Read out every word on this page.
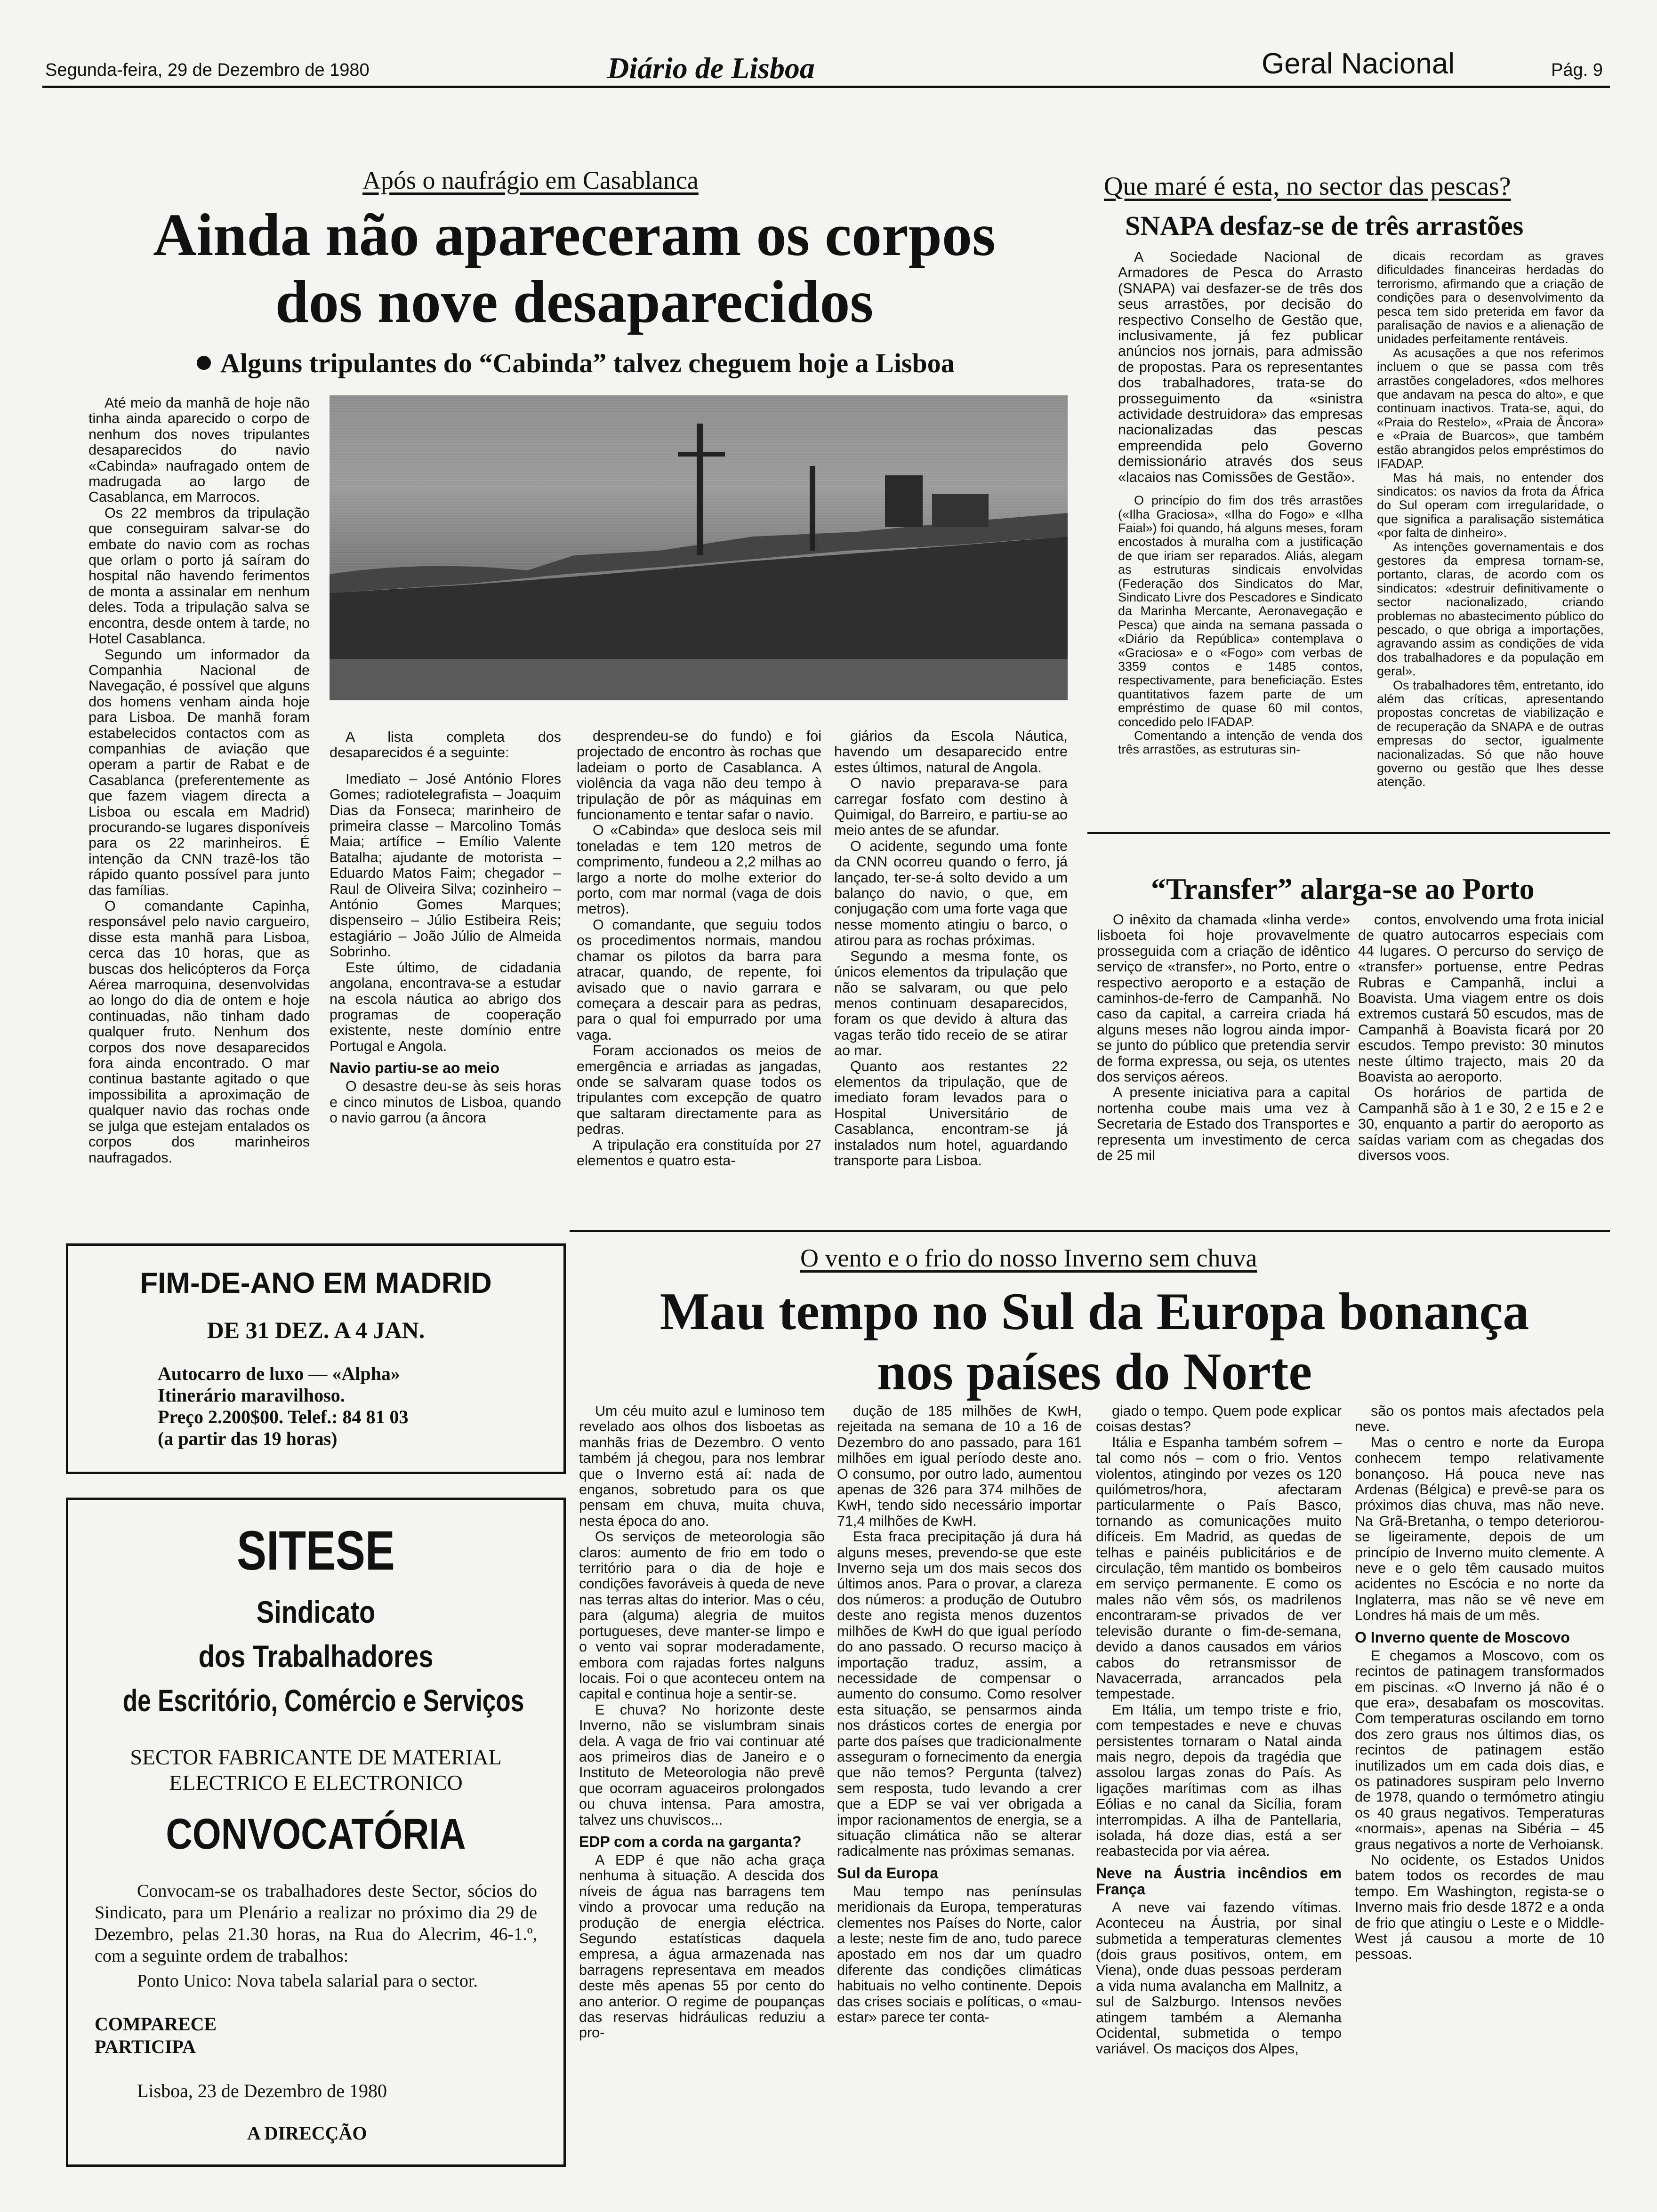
Segunda-feira, 29 de Dezembro de 1980	Diário de Lisboa	Geral Nacional	Pág. 9
Após o naufrágio em Casablanca
Ainda não apareceram os corpos
dos nove desaparecidos
Alguns tripulantes do “Cabinda” talvez cheguem hoje a Lisboa

Até meio da manhã de hoje não tinha ainda aparecido o corpo de nenhum dos noves tripulantes desaparecidos do navio «Cabinda» naufragado ontem de madrugada ao largo de Casablanca, em Marrocos.

Os 22 membros da tripulação que conseguiram salvar-se do embate do navio com as rochas que orlam o porto já saíram do hospital não havendo ferimentos de monta a assinalar em nenhum deles. Toda a tripulação salva se encontra, desde ontem à tarde, no Hotel Casablanca.

Segundo um informador da Companhia Nacional de Navegação, é possível que alguns dos homens venham ainda hoje para Lisboa. De manhã foram estabelecidos contactos com as companhias de aviação que operam a partir de Rabat e de Casablanca (preferentemente as que fazem viagem directa a Lisboa ou escala em Madrid) procurando-se lugares disponíveis para os 22 marinheiros. É intenção da CNN trazê-los tão rápido quanto possível para junto das famílias.

O comandante Capinha, responsável pelo navio cargueiro, disse esta manhã para Lisboa, cerca das 10 horas, que as buscas dos helicópteros da Força Aérea marroquina, desenvolvidas ao longo do dia de ontem e hoje continuadas, não tinham dado qualquer fruto. Nenhum dos corpos dos nove desaparecidos fora ainda encontrado. O mar continua bastante agitado o que impossibilita a aproximação de qualquer navio das rochas onde se julga que estejam entalados os corpos dos marinheiros naufragados.

A lista completa dos desaparecidos é a seguinte:

Imediato – José António Flores Gomes; radiotelegrafista – Joaquim Dias da Fonseca; marinheiro de primeira classe – Marcolino Tomás Maia; artífice – Emílio Valente Batalha; ajudante de motorista – Eduardo Matos Faim; chegador – Raul de Oliveira Silva; cozinheiro – António Gomes Marques; dispenseiro – Júlio Estibeira Reis; estagiário – João Júlio de Almeida Sobrinho.

Este último, de cidadania angolana, encontrava-se a estudar na escola náutica ao abrigo dos programas de cooperação existente, neste domínio entre Portugal e Angola.

Navio partiu-se ao meio

O desastre deu-se às seis horas e cinco minutos de Lisboa, quando o navio garrou (a âncora

desprendeu-se do fundo) e foi projectado de encontro às rochas que ladeiam o porto de Casablanca. A violência da vaga não deu tempo à tripulação de pôr as máquinas em funcionamento e tentar safar o navio.

O «Cabinda» que desloca seis mil toneladas e tem 120 metros de comprimento, fundeou a 2,2 milhas ao largo a norte do molhe exterior do porto, com mar normal (vaga de dois metros).

O comandante, que seguiu todos os procedimentos normais, mandou chamar os pilotos da barra para atracar, quando, de repente, foi avisado que o navio garrara e começara a descair para as pedras, para o qual foi empurrado por uma vaga.

Foram accionados os meios de emergência e arriadas as jangadas, onde se salvaram quase todos os tripulantes com excepção de quatro que saltaram directamente para as pedras.

A tripulação era constituída por 27 elementos e quatro esta-

giários da Escola Náutica, havendo um desaparecido entre estes últimos, natural de Angola.

O navio preparava-se para carregar fosfato com destino à Quimigal, do Barreiro, e partiu-se ao meio antes de se afundar.

O acidente, segundo uma fonte da CNN ocorreu quando o ferro, já lançado, ter-se-á solto devido a um balanço do navio, o que, em conjugação com uma forte vaga que nesse momento atingiu o barco, o atirou para as rochas próximas.

Segundo a mesma fonte, os únicos elementos da tripulação que não se salvaram, ou que pelo menos continuam desaparecidos, foram os que devido à altura das vagas terão tido receio de se atirar ao mar.

Quanto aos restantes 22 elementos da tripulação, que de imediato foram levados para o Hospital Universitário de Casablanca, encontram-se já instalados num hotel, aguardando transporte para Lisboa.

Que maré é esta, no sector das pescas?
SNAPA desfaz-se de três arrastões

A Sociedade Nacional de Armadores de Pesca do Arrasto (SNAPA) vai desfazer-se de três dos seus arrastões, por decisão do respectivo Conselho de Gestão que, inclusivamente, já fez publicar anúncios nos jornais, para admissão de propostas. Para os representantes dos trabalhadores, trata-se do prosseguimento da «sinistra actividade destruidora» das empresas nacionalizadas das pescas empreendida pelo Governo demissionário através dos seus «lacaios nas Comissões de Gestão».

O princípio do fim dos três arrastões («Ilha Graciosa», «Ilha do Fogo» e «Ilha Faial») foi quando, há alguns meses, foram encostados à muralha com a justificação de que iriam ser reparados. Aliás, alegam as estruturas sindicais envolvidas (Federação dos Sindicatos do Mar, Sindicato Livre dos Pescadores e Sindicato da Marinha Mercante, Aeronavegação e Pesca) que ainda na semana passada o «Diário da República» contemplava o «Graciosa» e o «Fogo» com verbas de 3359 contos e 1485 contos, respectivamente, para beneficiação. Estes quantitativos fazem parte de um empréstimo de quase 60 mil contos, concedido pelo IFADAP.

Comentando a intenção de venda dos três arrastões, as estruturas sin-

dicais recordam as graves dificuldades financeiras herdadas do terrorismo, afirmando que a criação de condições para o desenvolvimento da pesca tem sido preterida em favor da paralisação de navios e a alienação de unidades perfeitamente rentáveis.

As acusações a que nos referimos incluem o que se passa com três arrastões congeladores, «dos melhores que andavam na pesca do alto», e que continuam inactivos. Trata-se, aqui, do «Praia do Restelo», «Praia de Âncora» e «Praia de Buarcos», que também estão abrangidos pelos empréstimos do IFADAP.

Mas há mais, no entender dos sindicatos: os navios da frota da África do Sul operam com irregularidade, o que significa a paralisação sistemática «por falta de dinheiro».

As intenções governamentais e dos gestores da empresa tornam-se, portanto, claras, de acordo com os sindicatos: «destruir definitivamente o sector nacionalizado, criando problemas no abastecimento público do pescado, o que obriga a importações, agravando assim as condições de vida dos trabalhadores e da população em geral».

Os trabalhadores têm, entretanto, ido além das críticas, apresentando propostas concretas de viabilização e de recuperação da SNAPA e de outras empresas do sector, igualmente nacionalizadas. Só que não houve governo ou gestão que lhes desse atenção.

“Transfer” alarga-se ao Porto

O inêxito da chamada «linha verde» lisboeta foi hoje provavelmente prosseguida com a criação de idêntico serviço de «transfer», no Porto, entre o respectivo aeroporto e a estação de caminhos-de-ferro de Campanhã. No caso da capital, a carreira criada há alguns meses não logrou ainda impor-se junto do público que pretendia servir de forma expressa, ou seja, os utentes dos serviços aéreos.

A presente iniciativa para a capital nortenha coube mais uma vez à Secretaria de Estado dos Transportes e representa um investimento de cerca de 25 mil

contos, envolvendo uma frota inicial de quatro autocarros especiais com 44 lugares. O percurso do serviço de «transfer» portuense, entre Pedras Rubras e Campanhã, inclui a Boavista. Uma viagem entre os dois extremos custará 50 escudos, mas de Campanhã à Boavista ficará por 20 escudos. Tempo previsto: 30 minutos neste último trajecto, mais 20 da Boavista ao aeroporto.

Os horários de partida de Campanhã são à 1 e 30, 2 e 15 e 2 e 30, enquanto a partir do aeroporto as saídas variam com as chegadas dos diversos voos.

O vento e o frio do nosso Inverno sem chuva
Mau tempo no Sul da Europa bonança
nos países do Norte

Um céu muito azul e luminoso tem revelado aos olhos dos lisboetas as manhãs frias de Dezembro. O vento também já chegou, para nos lembrar que o Inverno está aí: nada de enganos, sobretudo para os que pensam em chuva, muita chuva, nesta época do ano.

Os serviços de meteorologia são claros: aumento de frio em todo o território para o dia de hoje e condições favoráveis à queda de neve nas terras altas do interior. Mas o céu, para (alguma) alegria de muitos portugueses, deve manter-se limpo e o vento vai soprar moderadamente, embora com rajadas fortes nalguns locais. Foi o que aconteceu ontem na capital e continua hoje a sentir-se.

E chuva? No horizonte deste Inverno, não se vislumbram sinais dela. A vaga de frio vai continuar até aos primeiros dias de Janeiro e o Instituto de Meteorologia não prevê que ocorram aguaceiros prolongados ou chuva intensa. Para amostra, talvez uns chuviscos...

EDP com a corda na garganta?

A EDP é que não acha graça nenhuma à situação. A descida dos níveis de água nas barragens tem vindo a provocar uma redução na produção de energia eléctrica. Segundo estatísticas daquela empresa, a água armazenada nas barragens representava em meados deste mês apenas 55 por cento do ano anterior. O regime de poupanças das reservas hidráulicas reduziu a pro-

dução de 185 milhões de KwH, rejeitada na semana de 10 a 16 de Dezembro do ano passado, para 161 milhões em igual período deste ano. O consumo, por outro lado, aumentou apenas de 326 para 374 milhões de KwH, tendo sido necessário importar 71,4 milhões de KwH.

Esta fraca precipitação já dura há alguns meses, prevendo-se que este Inverno seja um dos mais secos dos últimos anos. Para o provar, a clareza dos números: a produção de Outubro deste ano regista menos duzentos milhões de KwH do que igual período do ano passado. O recurso maciço à importação traduz, assim, a necessidade de compensar o aumento do consumo. Como resolver esta situação, se pensarmos ainda nos drásticos cortes de energia por parte dos países que tradicionalmente asseguram o fornecimento da energia que não temos? Pergunta (talvez) sem resposta, tudo levando a crer que a EDP se vai ver obrigada a impor racionamentos de energia, se a situação climática não se alterar radicalmente nas próximas semanas.

Sul da Europa

Mau tempo nas penínsulas meridionais da Europa, temperaturas clementes nos Países do Norte, calor a leste; neste fim de ano, tudo parece apostado em nos dar um quadro diferente das condições climáticas habituais no velho continente. Depois das crises sociais e políticas, o «mau-estar» parece ter conta-

giado o tempo. Quem pode explicar coisas destas?

Itália e Espanha também sofrem – tal como nós – com o frio. Ventos violentos, atingindo por vezes os 120 quilómetros/hora, afectaram particularmente o País Basco, tornando as comunicações muito difíceis. Em Madrid, as quedas de telhas e painéis publicitários e de circulação, têm mantido os bombeiros em serviço permanente. E como os males não vêm sós, os madrilenos encontraram-se privados de ver televisão durante o fim-de-semana, devido a danos causados em vários cabos do retransmissor de Navacerrada, arrancados pela tempestade.

Em Itália, um tempo triste e frio, com tempestades e neve e chuvas persistentes tornaram o Natal ainda mais negro, depois da tragédia que assolou largas zonas do País. As ligações marítimas com as ilhas Eólias e no canal da Sicília, foram interrompidas. A ilha de Pantellaria, isolada, há doze dias, está a ser reabastecida por via aérea.

Neve na Áustria incêndios em França

A neve vai fazendo vítimas. Aconteceu na Áustria, por sinal submetida a temperaturas clementes (dois graus positivos, ontem, em Viena), onde duas pessoas perderam a vida numa avalancha em Mallnitz, a sul de Salzburgo. Intensos nevões atingem também a Alemanha Ocidental, submetida o tempo variável. Os maciços dos Alpes,

são os pontos mais afectados pela neve.

Mas o centro e norte da Europa conhecem tempo relativamente bonançoso. Há pouca neve nas Ardenas (Bélgica) e prevê-se para os próximos dias chuva, mas não neve. Na Grã-Bretanha, o tempo deteriorou-se ligeiramente, depois de um princípio de Inverno muito clemente. A neve e o gelo têm causado muitos acidentes no Escócia e no norte da Inglaterra, mas não se vê neve em Londres há mais de um mês.

O Inverno quente de Moscovo

E chegamos a Moscovo, com os recintos de patinagem transformados em piscinas. «O Inverno já não é o que era», desabafam os moscovitas. Com temperaturas oscilando em torno dos zero graus nos últimos dias, os recintos de patinagem estão inutilizados um em cada dois dias, e os patinadores suspiram pelo Inverno de 1978, quando o termómetro atingiu os 40 graus negativos. Temperaturas «normais», apenas na Sibéria – 45 graus negativos a norte de Verhoiansk.

No ocidente, os Estados Unidos batem todos os recordes de mau tempo. Em Washington, regista-se o Inverno mais frio desde 1872 e a onda de frio que atingiu o Leste e o Middle-West já causou a morte de 10 pessoas.

FIM-DE-ANO EM MADRID
DE 31 DEZ. A 4 JAN.
Autocarro de luxo — «Alpha»
Itinerário maravilhoso.
Preço 2.200$00. Telef.: 84 81 03
(a partir das 19 horas)
SITESE
Sindicato
dos Trabalhadores
de Escritório, Comércio e Serviços
SECTOR FABRICANTE DE MATERIAL
ELECTRICO E ELECTRONICO
CONVOCATÓRIA
Convocam-se os trabalhadores deste Sector, sócios do Sindicato, para um Plenário a realizar no próximo dia 29 de Dezembro, pelas 21.30 horas, na Rua do Alecrim, 46-1.º, com a seguinte ordem de trabalhos:
Ponto Unico: Nova tabela salarial para o sector.
COMPARECE
PARTICIPA
Lisboa, 23 de Dezembro de 1980
A DIRECÇÃO
